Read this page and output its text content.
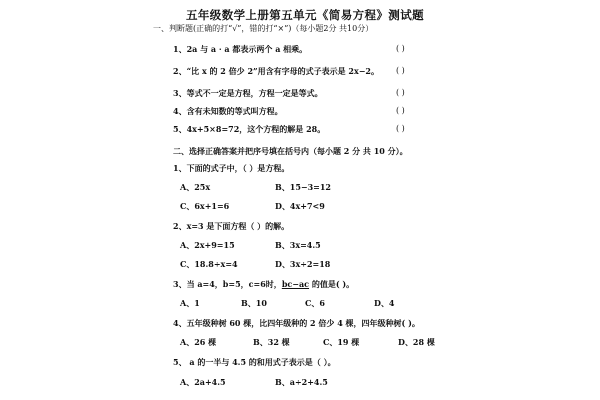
五年级数学上册第五单元《简易方程》测试题
一、判断题(正确的打“√”，错的打“×”)（每小题2分 共10分）
1、2a 与 a · a 都表示两个 a 相乘。	( )
2、“比 x 的 2 倍少 2”用含有字母的式子表示是 2x−2。 ( )
3、等式不一定是方程，方程一定是等式。	( )
4、含有未知数的等式叫方程。	( )
5、4x+5×8=72，这个方程的解是 28。	( )
二、选择正确答案并把序号填在括号内（每小题 2 分 共 10 分）。
1、下面的式子中，（ ）是方程。
A、25x	B、15−3=12
C、6x+1=6	D、4x+7<9
2、x=3 是下面方程（ ）的解。
A、2x+9=15	B、3x=4.5
C、18.8÷x=4	D、3x÷2=18
3、当 a=4，b=5，c=6时，bc−ac 的值是( )。
A、1	B、10	C、6	D、4
4、五年级种树 60 棵，比四年级种的 2 倍少 4 棵，四年级种树( )。
A、26 棵	B、32 棵	C、19 棵	D、28 棵
5、 a 的一半与 4.5 的和用式子表示是（ ）。
A、2a+4.5	B、a÷2+4.5
